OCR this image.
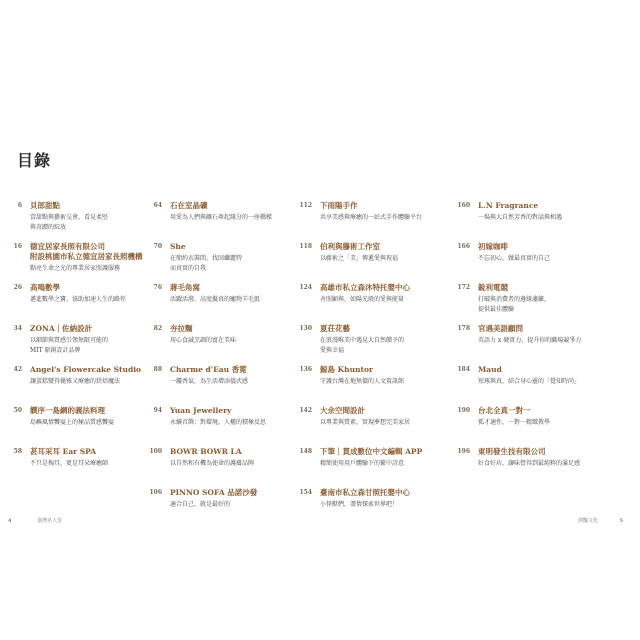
目錄
6 貝郎甜點
當甜點與藝術交會，看見柔堅
與奇蹟的綻放
16 德宜居家長照有限公司
附設桃園市私立德宜居家長照機構
點亮生命之光的專業居家照護服務
26 高鳴數學
邁進數學之寶，協助加速人生的路徑
34 ZONA｜佐納設計
以細節與質感引領無限可能的
MIT 原創設計品牌
42 Angel's Flowercake Studio
讓蛋糕變得優雅又療癒的烘焙魔法
50 饌序一島網的義法料理
島嶼風情饗宴上的極品質感饗宴
58 甚耳采耳 Ear SPA
不只是掏耳，更是耳朵療癒師
64 石在室晶礦
用愛為人們與礦石牽起緣分的一座橋樑
70 She
在簡約衣裝間，找回纖麗特
而真實的自我
76 蔣毛角窩
活躍活潑、高度擬真的寵物羊毛氈
82 夯拉麵
用心食誠烹調的富在美味
88 Charme d'Eau 香霓
一縷香氣，為生活增添儀式感
94 Yuan Jewellery
永續首飾：對環境，人權的積極反思
100 BOWR BOWR LA
以自然和有機為使命的護膚品牌
106 PINNO SOFA 品諾沙發
適合自己，就是最好的
112 下雨陽手作
共享美感與療癒的一站式手作體驗平台
118 伯利與籐術工作室
以藤術之「美」傳遞愛與祝福
124 高雄市私立森沐特托嬰中心
善照顧與，如陽光般的愛與能量
130 夏荘花藝
在浪漫唯美中遇見大自然饋予的
愛與幸福
136 鯨島 Khuntor
守護台灣在地無價的人文資訊館
142 大余空間設計
以專業與質素，實現夢想完美家居
148 下筆｜貫成數位中文編輯 APP
精簡使用用戶體驗下的繁中詩意
154 臺南市私立森甘照托嬰中心
小怪獸們，盡情探索世界吧！
160 L.N Fragrance
一場與大自然芳香的對話與相遇
166 初嫁咖啡
不忘初心，做最真實的自己
172 銳利電競
打破與消費者的邊緣藩籬，
提供最佳體驗
178 官遇美語顧問
英語力 x 硬實力，提升你的職場競爭力
184 Maud
短琢與真，結合身心靈的「覺知時尚」
190 台北全真一對一
孤才適性，一對一精緻教學
196 東明發生技有限公司
好食好坊，讓味營得到最純粹的滿足感
4	臺灣名人堂	澤豔文化	5
